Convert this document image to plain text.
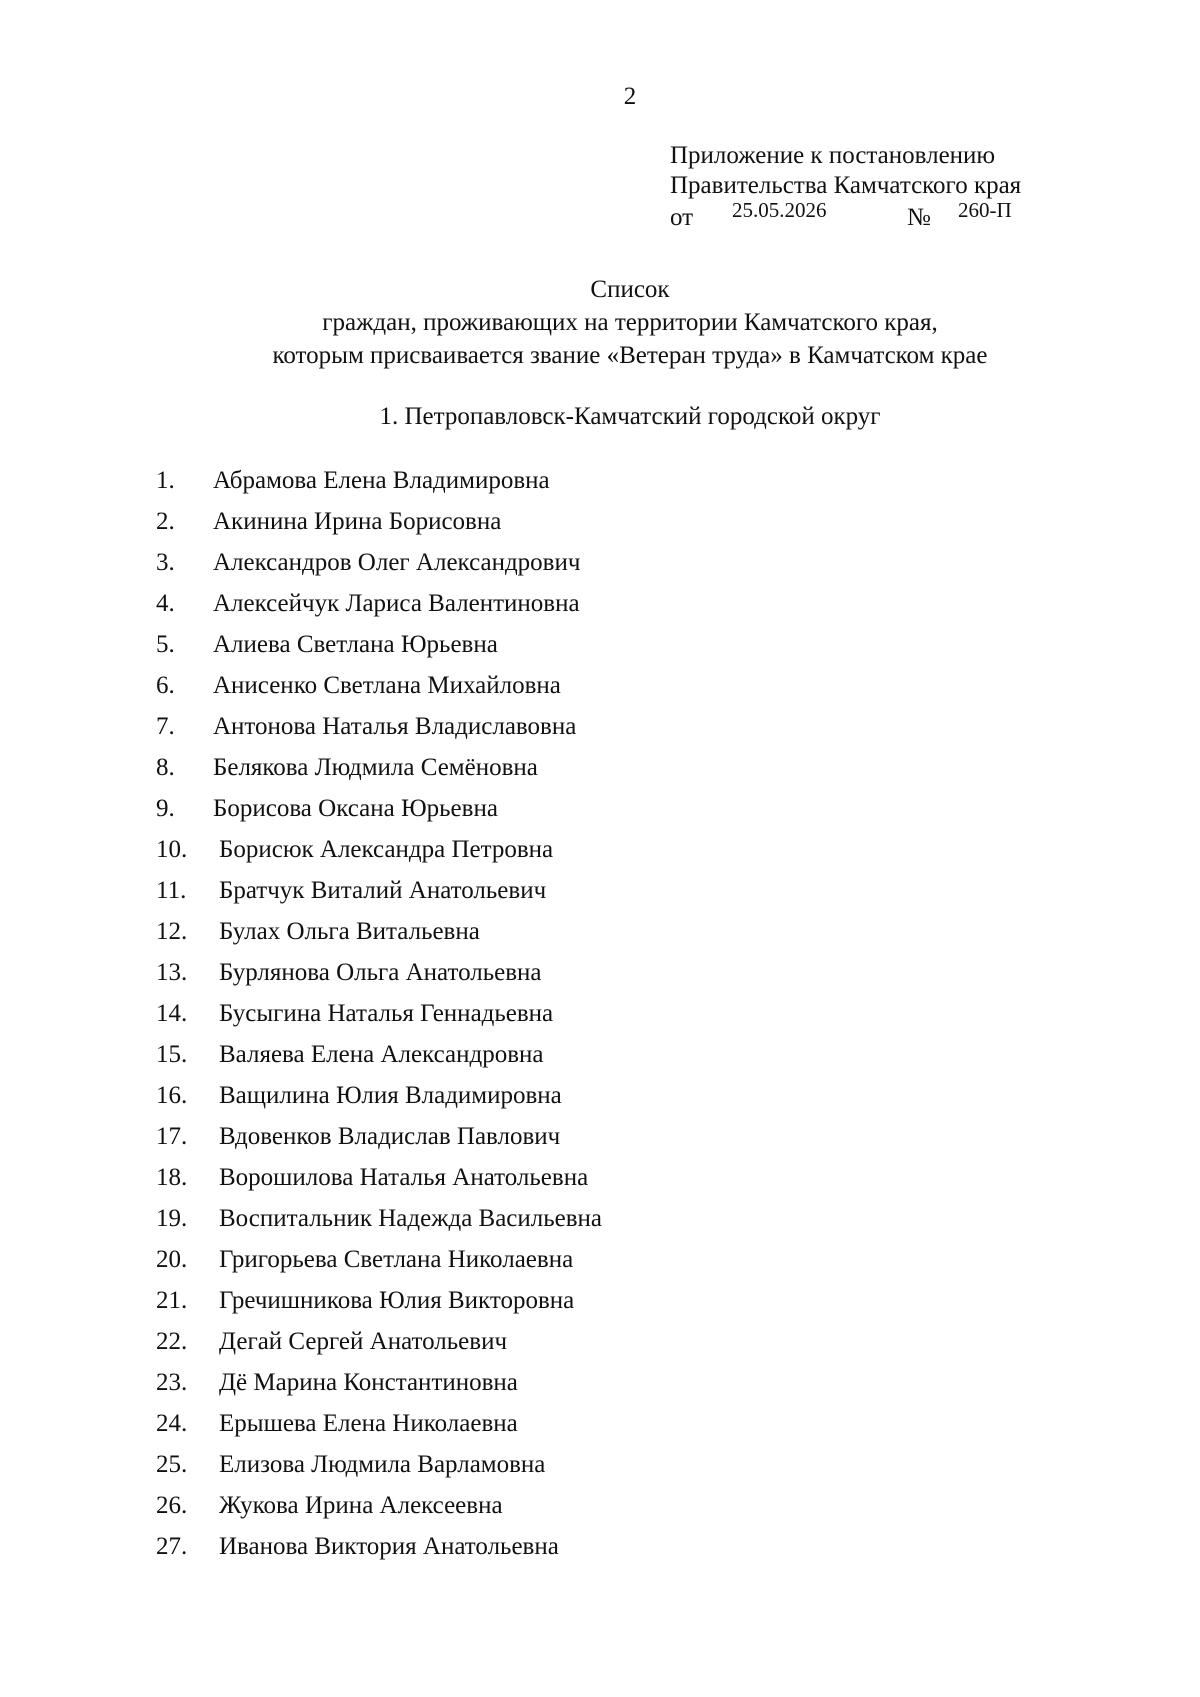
2
Приложение к постановлению
Правительства Камчатского края
от 25.05.2026	№ 260-П
Список
граждан, проживающих на территории Камчатского края,
которым присваивается звание «Ветеран труда» в Камчатском крае
1. Петропавловск-Камчатский городской округ
1. Абрамова Елена Владимировна
2. Акинина Ирина Борисовна
3. Александров Олег Александрович
4. Алексейчук Лариса Валентиновна
5. Алиева Светлана Юрьевна
6. Анисенко Светлана Михайловна
7. Антонова Наталья Владиславовна
8. Белякова Людмила Семёновна
9. Борисова Оксана Юрьевна
10. Борисюк Александра Петровна
11. Братчук Виталий Анатольевич
12. Булах Ольга Витальевна
13. Бурлянова Ольга Анатольевна
14. Бусыгина Наталья Геннадьевна
15. Валяева Елена Александровна
16. Ващилина Юлия Владимировна
17. Вдовенков Владислав Павлович
18. Ворошилова Наталья Анатольевна
19. Воспитальник Надежда Васильевна
20. Григорьева Светлана Николаевна
21. Гречишникова Юлия Викторовна
22. Дегай Сергей Анатольевич
23. Дё Марина Константиновна
24. Ерышева Елена Николаевна
25. Елизова Людмила Варламовна
26. Жукова Ирина Алексеевна
27. Иванова Виктория Анатольевна
